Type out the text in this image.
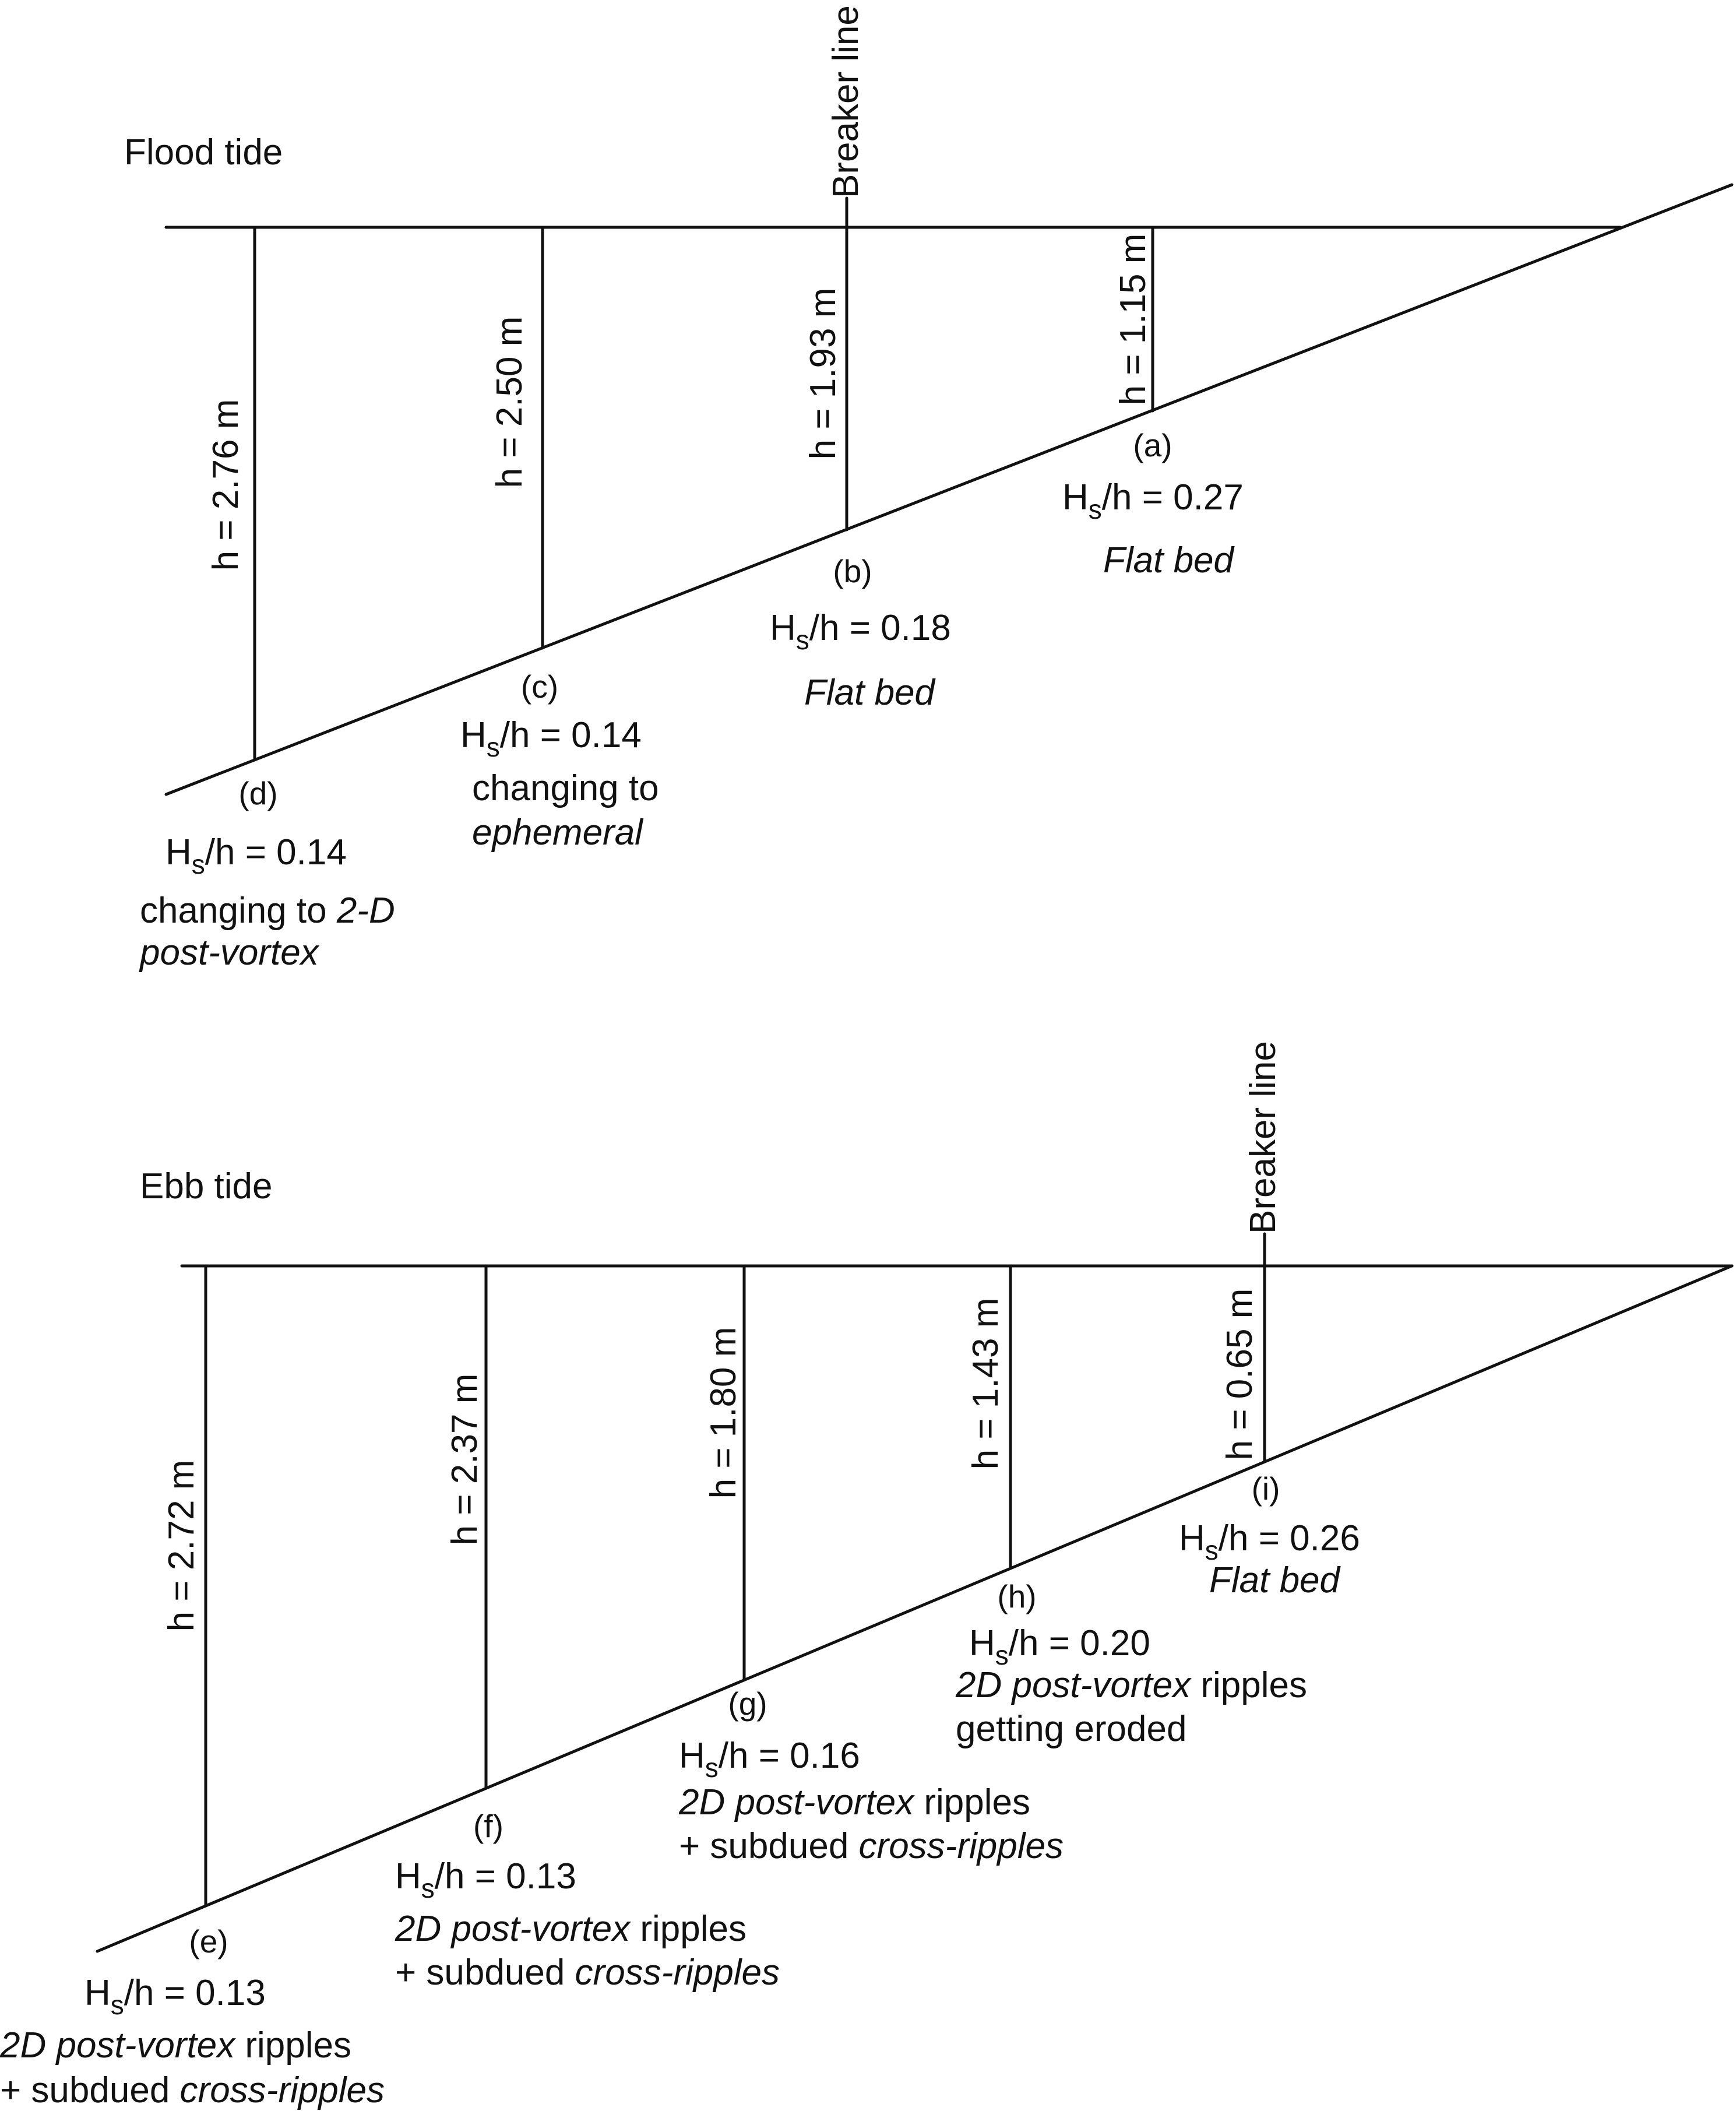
Flood tide	Breaker line
h = 2.76 m	h = 2.50 m	h = 1.93 m	h = 1.15 m
(a)
$H_s/h = 0.27$
Flat bed
(b)
$H_s/h = 0.18$
Flat bed
(c)
$H_s/h = 0.14$
changing to
ephemeral
(d)
$H_s/h = 0.14$
changing to 2-D
post-vortex
Ebb tide	Breaker line
h = 2.72 m
h = 2.37 m	h = 1.80 m	h = 1.43 m	h = 0.65 m
(e)
$H_s/h = 0.13$
2D post-vortex ripples
+ subdued cross-ripples
(f)
$H_s/h = 0.13$
2D post-vortex ripples
+ subdued cross-ripples
(g)
$H_s/h = 0.16$
2D post-vortex ripples
+ subdued cross-ripples
(h)
$H_s/h = 0.20$
2D post-vortex ripples
getting eroded
(i)
$H_s/h = 0.26$
Flat bed
